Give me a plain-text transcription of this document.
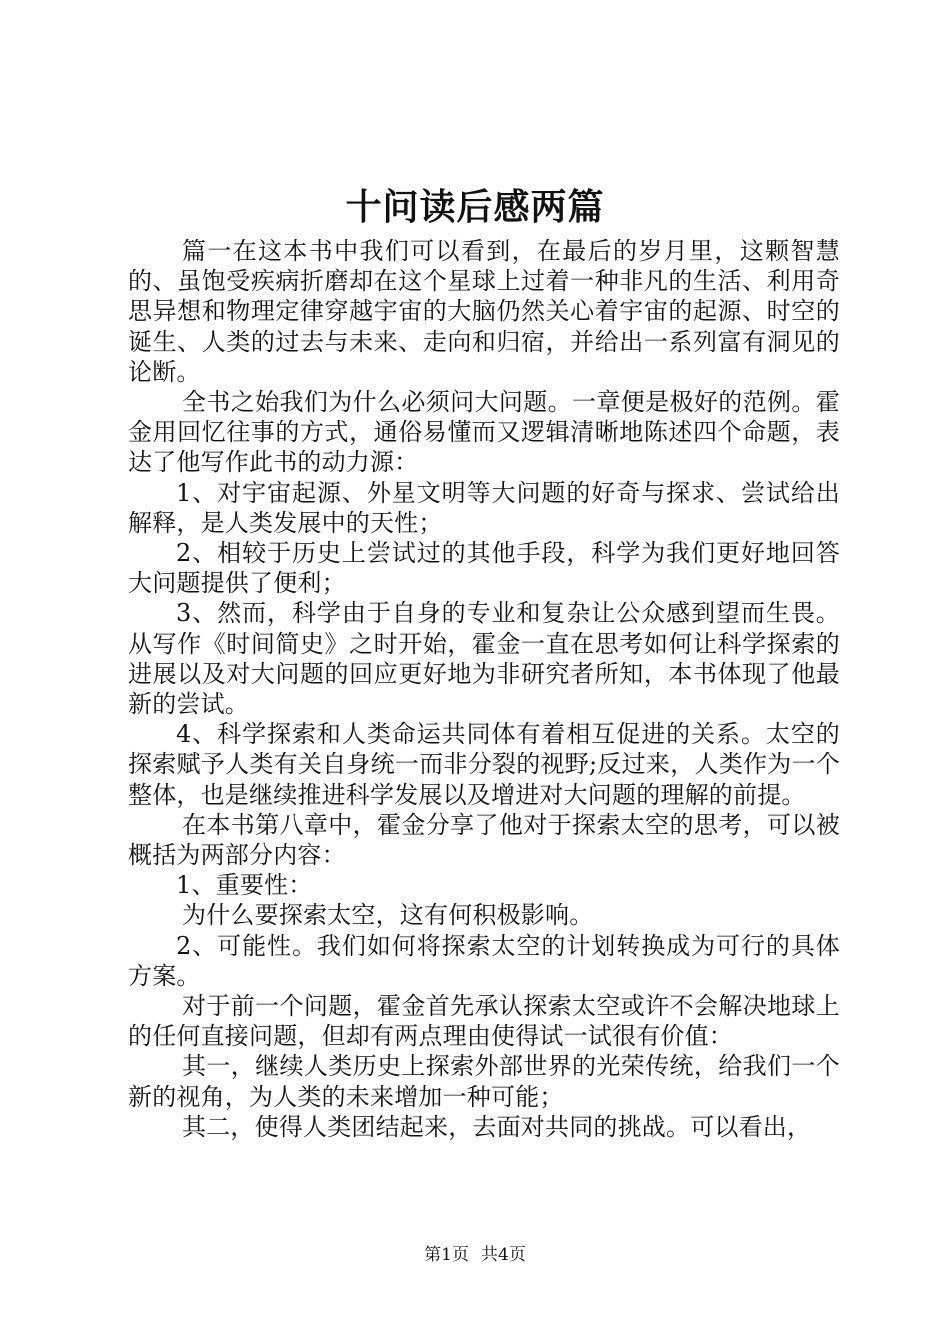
十问读后感两篇

篇一在这本书中我们可以看到，在最后的岁月里，这颗智慧的、虽饱受疾病折磨却在这个星球上过着一种非凡的生活、利用奇思异想和物理定律穿越宇宙的大脑仍然关心着宇宙的起源、时空的诞生、人类的过去与未来、走向和归宿，并给出一系列富有洞见的论断。

全书之始我们为什么必须问大问题。一章便是极好的范例。霍金用回忆往事的方式，通俗易懂而又逻辑清晰地陈述四个命题，表达了他写作此书的动力源：

1、对宇宙起源、外星文明等大问题的好奇与探求、尝试给出解释，是人类发展中的天性；

2、相较于历史上尝试过的其他手段，科学为我们更好地回答大问题提供了便利；

3、然而，科学由于自身的专业和复杂让公众感到望而生畏。从写作《时间简史》之时开始，霍金一直在思考如何让科学探索的进展以及对大问题的回应更好地为非研究者所知，本书体现了他最新的尝试。

4、科学探索和人类命运共同体有着相互促进的关系。太空的探索赋予人类有关自身统一而非分裂的视野;反过来，人类作为一个整体，也是继续推进科学发展以及增进对大问题的理解的前提。

在本书第八章中，霍金分享了他对于探索太空的思考，可以被概括为两部分内容：

1、重要性：

为什么要探索太空，这有何积极影响。

2、可能性。我们如何将探索太空的计划转换成为可行的具体方案。

对于前一个问题，霍金首先承认探索太空或许不会解决地球上的任何直接问题，但却有两点理由使得试一试很有价值：

其一，继续人类历史上探索外部世界的光荣传统，给我们一个新的视角，为人类的未来增加一种可能；

其二，使得人类团结起来，去面对共同的挑战。可以看出，

第1页 共4页
